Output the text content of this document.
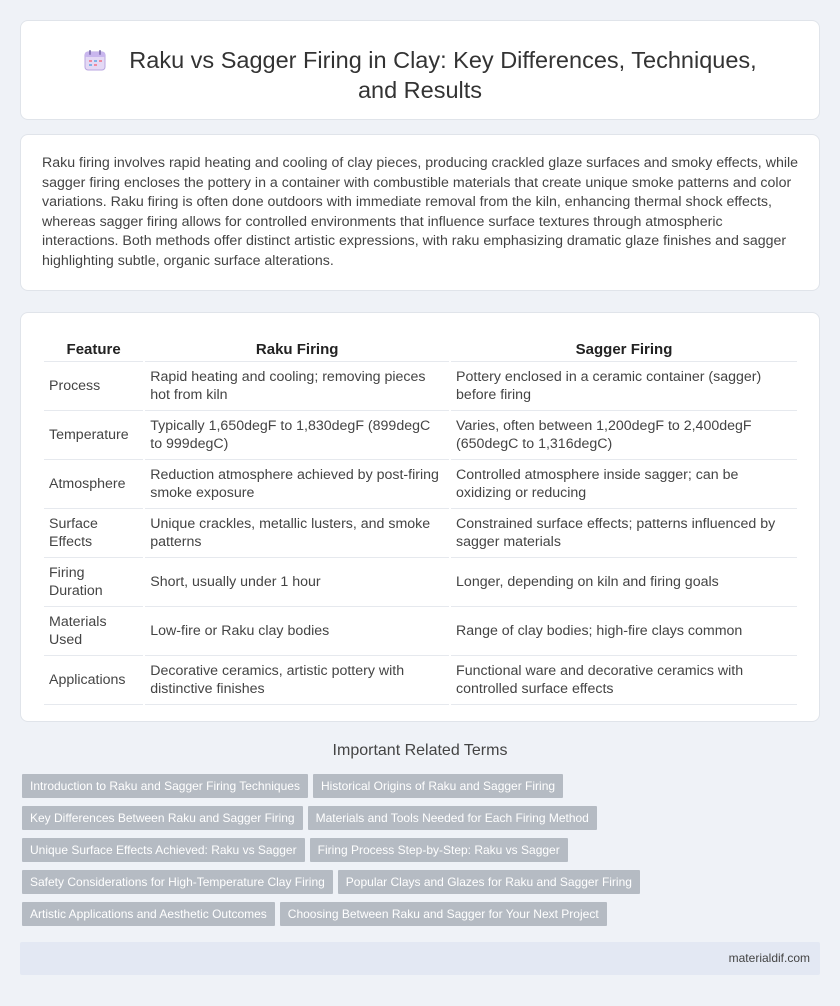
Raku vs Sagger Firing in Clay: Key Differences, Techniques, and Results

Raku firing involves rapid heating and cooling of clay pieces, producing crackled glaze surfaces and smoky effects, while sagger firing encloses the pottery in a container with combustible materials that create unique smoke patterns and color variations. Raku firing is often done outdoors with immediate removal from the kiln, enhancing thermal shock effects, whereas sagger firing allows for controlled environments that influence surface textures through atmospheric interactions. Both methods offer distinct artistic expressions, with raku emphasizing dramatic glaze finishes and sagger highlighting subtle, organic surface alterations.

Feature	Raku Firing	Sagger Firing
Process	Rapid heating and cooling; removing pieces hot from kiln	Pottery enclosed in a ceramic container (sagger) before firing
Temperature	Typically 1,650degF to 1,830degF (899degC to 999degC)	Varies, often between 1,200degF to 2,400degF (650degC to 1,316degC)
Atmosphere	Reduction atmosphere achieved by post-firing smoke exposure	Controlled atmosphere inside sagger; can be oxidizing or reducing
Surface Effects	Unique crackles, metallic lusters, and smoke patterns	Constrained surface effects; patterns influenced by sagger materials
Firing Duration	Short, usually under 1 hour	Longer, depending on kiln and firing goals
Materials Used	Low-fire or Raku clay bodies	Range of clay bodies; high-fire clays common
Applications	Decorative ceramics, artistic pottery with distinctive finishes	Functional ware and decorative ceramics with controlled surface effects
Important Related Terms
Introduction to Raku and Sagger Firing Techniques Historical Origins of Raku and Sagger Firing
Key Differences Between Raku and Sagger Firing Materials and Tools Needed for Each Firing Method
Unique Surface Effects Achieved: Raku vs Sagger Firing Process Step-by-Step: Raku vs Sagger
Safety Considerations for High-Temperature Clay Firing Popular Clays and Glazes for Raku and Sagger Firing
Artistic Applications and Aesthetic Outcomes Choosing Between Raku and Sagger for Your Next Project
materialdif.com
